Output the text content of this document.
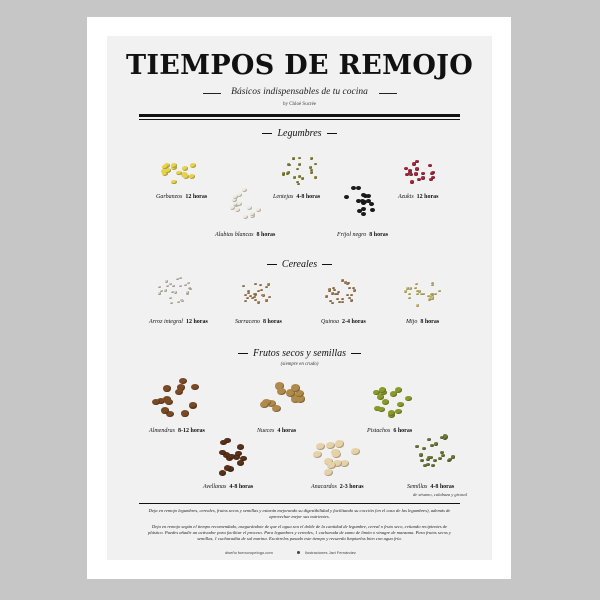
TIEMPOS DE REMOJO
Básicos indispensables de tu cocina
by Chloé Sucrée
Legumbres
Garbanzos 12 horas
Alubias blancas 8 horas
Lentejas 4-8 horas
Frijol negro 8 horas
Azukis 12 horas
Cereales
Arroz integral 12 horas	Sarraceno 8 horas	Quinoa 2-4 horas	Mijo 8 horas
Frutos secos y semillas
(siempre en crudo)
Almendras 8-12 horas	Nueces 4 horas	Pistachos 6 horas
Avellanas 4-8 horas	Anacardos 2-3 horas	Semillas 4-8 horas
de sésamo, calabaza y girasol
Deja en remojo legumbres, cereales, frutos secos y semillas y estarán mejorando su digestibilidad y facilitando su cocción (en el caso de las legumbres), además de aprovechar mejor sus nutrientes.
Deja en remojo según el tiempo recomendado, asegurándote de que el agua sea el doble de la cantidad de legumbre, cereal o fruto seco, evitando recipientes de plástico. Puedes añadir un activador para facilitar el proceso. Para legumbres y cereales, 1 cucharada de zumo de limón o vinagre de manzana. Para frutos secos y semillas, 1 cucharadita de sal marina. Escúrrelos pasado este tiempo y recuerda limpiarlos bien con agua fría.
diseño fuenuvopelogo.com	Ilustraciones Javi Fernández
